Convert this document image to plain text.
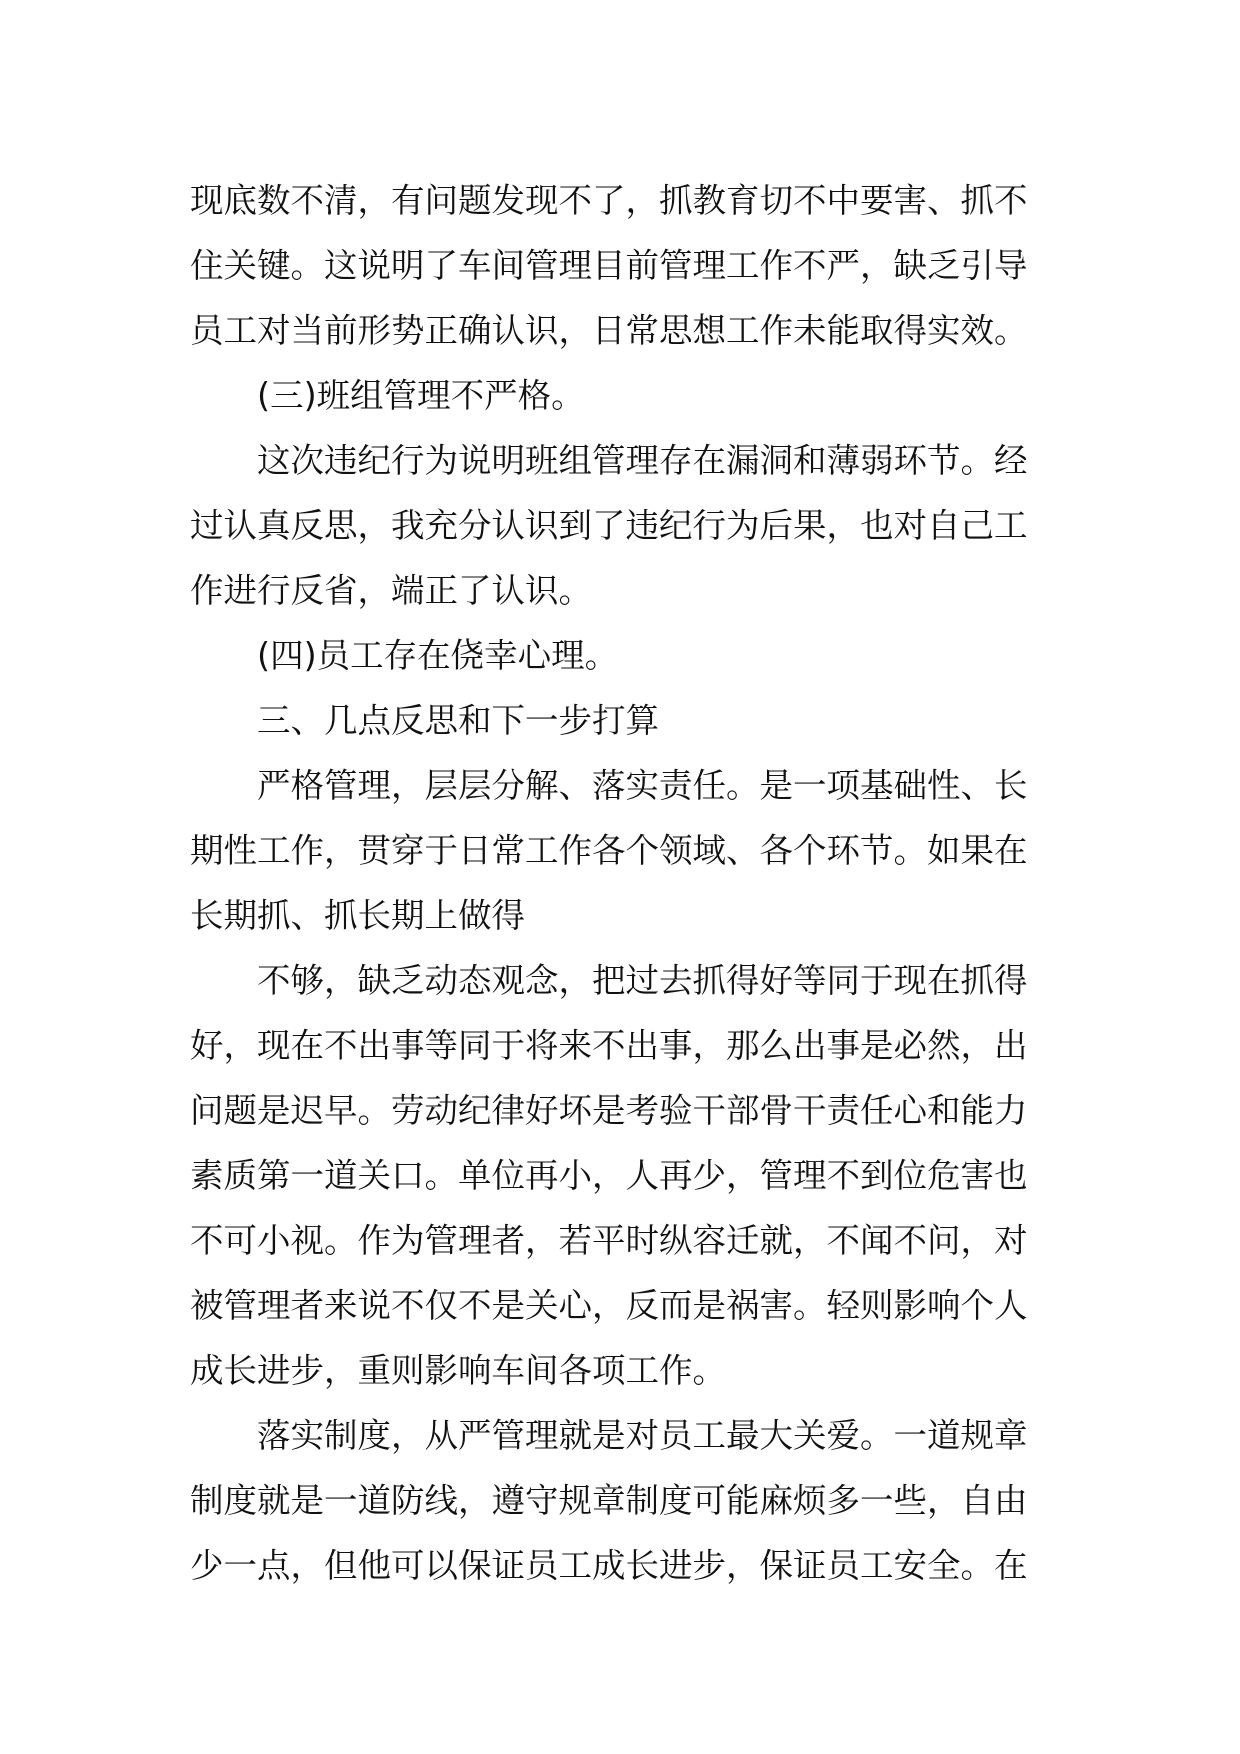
现底数不清，有问题发现不了，抓教育切不中要害、抓不
住关键。这说明了车间管理目前管理工作不严，缺乏引导
员工对当前形势正确认识，日常思想工作未能取得实效。
(三)班组管理不严格。
这次违纪行为说明班组管理存在漏洞和薄弱环节。经
过认真反思，我充分认识到了违纪行为后果，也对自己工
作进行反省，端正了认识。
(四)员工存在侥幸心理。
三、几点反思和下一步打算
严格管理，层层分解、落实责任。是一项基础性、长
期性工作，贯穿于日常工作各个领域、各个环节。如果在
长期抓、抓长期上做得
不够，缺乏动态观念，把过去抓得好等同于现在抓得
好，现在不出事等同于将来不出事，那么出事是必然，出
问题是迟早。劳动纪律好坏是考验干部骨干责任心和能力
素质第一道关口。单位再小，人再少，管理不到位危害也
不可小视。作为管理者，若平时纵容迁就，不闻不问，对
被管理者来说不仅不是关心，反而是祸害。轻则影响个人
成长进步，重则影响车间各项工作。
落实制度，从严管理就是对员工最大关爱。一道规章
制度就是一道防线，遵守规章制度可能麻烦多一些，自由
少一点，但他可以保证员工成长进步，保证员工安全。在
